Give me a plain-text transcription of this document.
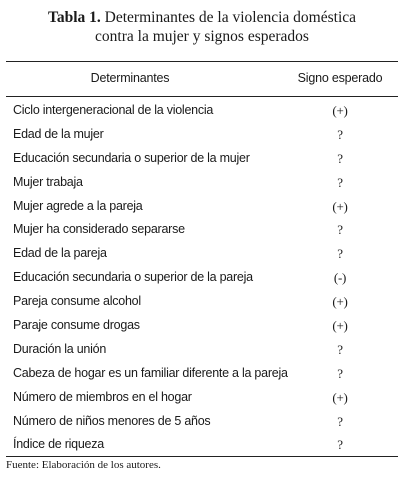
Tabla 1. Determinantes de la violencia doméstica
contra la mujer y signos esperados
Determinantes	Signo esperado
Ciclo intergeneracional de la violencia	(+)
Edad de la mujer	?
Educación secundaria o superior de la mujer	?
Mujer trabaja	?
Mujer agrede a la pareja	(+)
Mujer ha considerado separarse	?
Edad de la pareja	?
Educación secundaria o superior de la pareja	(-)
Pareja consume alcohol	(+)
Paraje consume drogas	(+)
Duración la unión	?
Cabeza de hogar es un familiar diferente a la pareja	?
Número de miembros en el hogar	(+)
Número de niños menores de 5 años	?
Índice de riqueza	?
Fuente: Elaboración de los autores.
